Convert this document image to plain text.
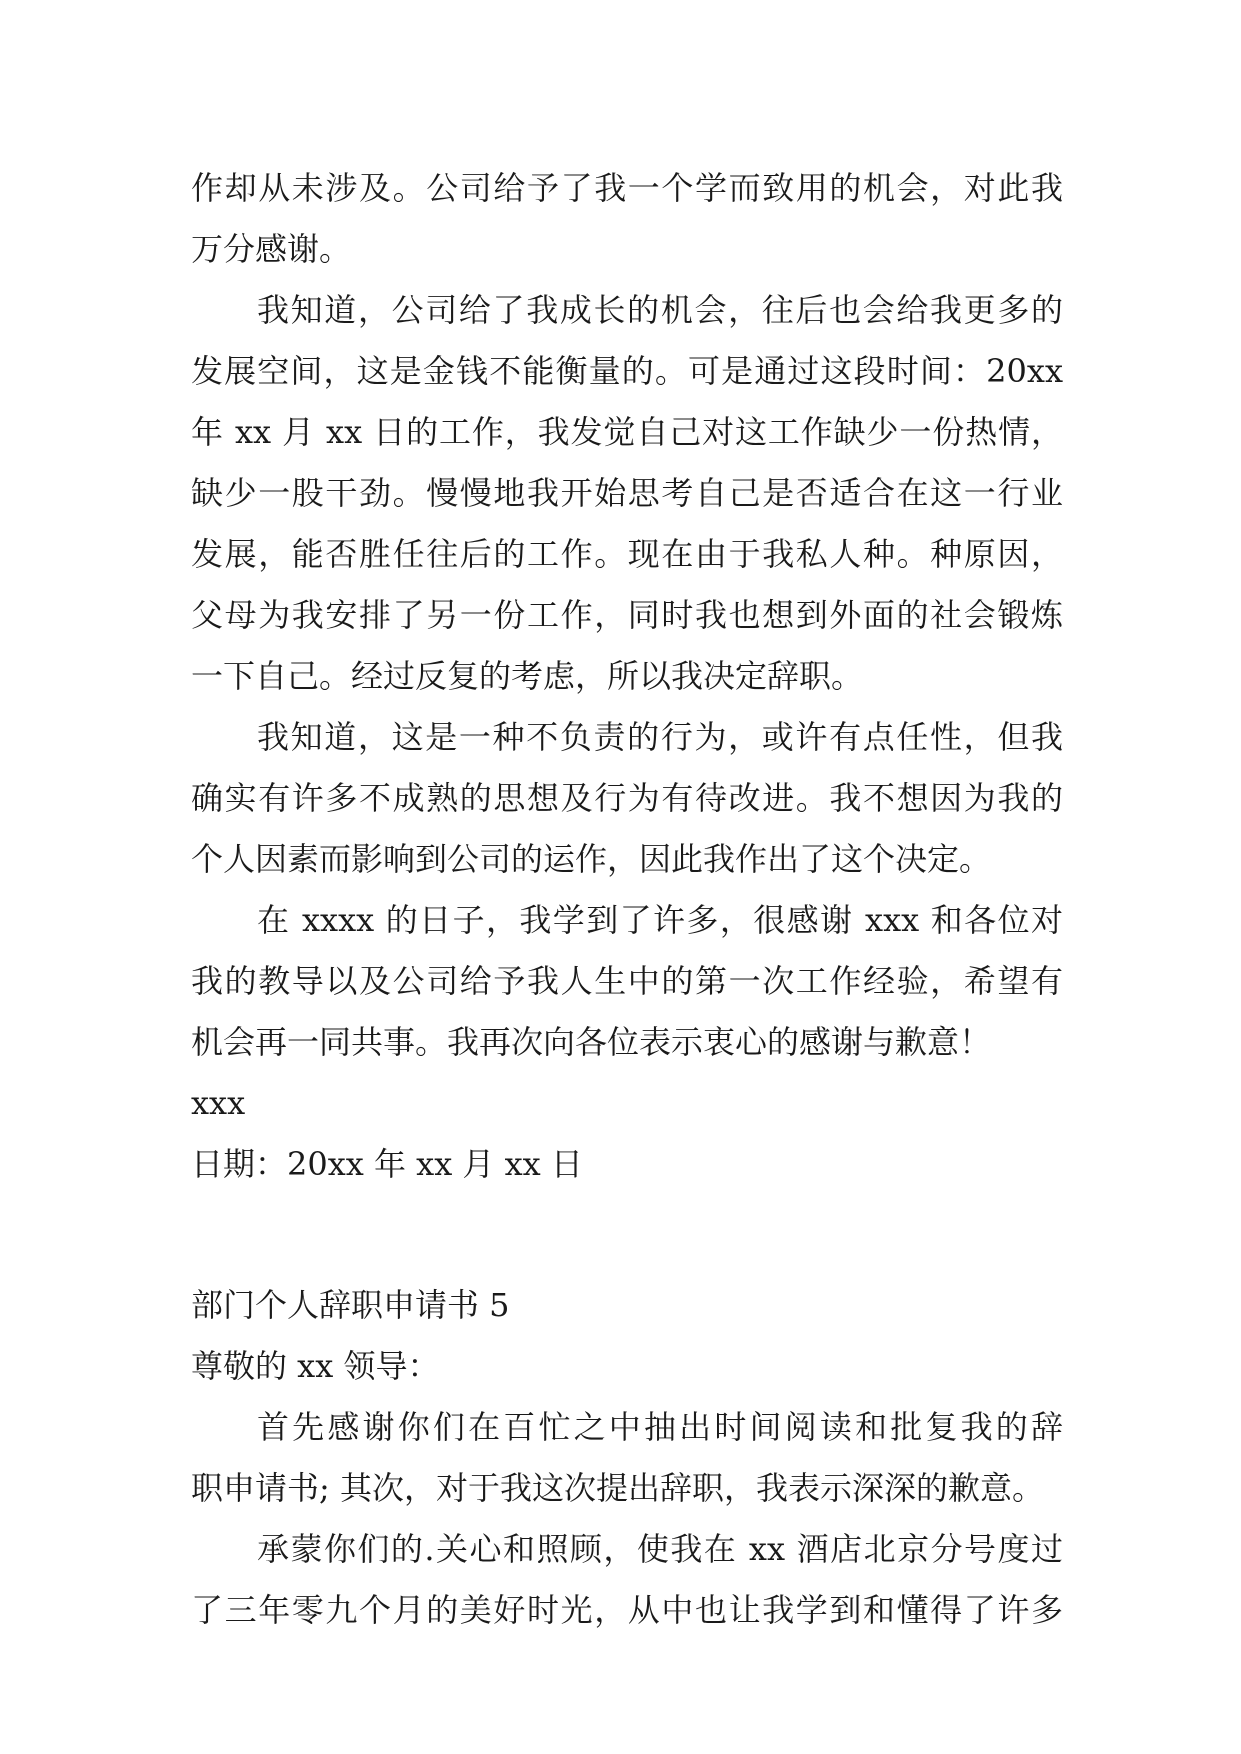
作却从未涉及。公司给予了我一个学而致用的机会，对此我
万分感谢。
我知道，公司给了我成长的机会，往后也会给我更多的
发展空间，这是金钱不能衡量的。可是通过这段时间：20xx
年 xx 月 xx 日的工作，我发觉自己对这工作缺少一份热情，
缺少一股干劲。慢慢地我开始思考自己是否适合在这一行业
发展，能否胜任往后的工作。现在由于我私人种。种原因，
父母为我安排了另一份工作，同时我也想到外面的社会锻炼
一下自己。经过反复的考虑，所以我决定辞职。
我知道，这是一种不负责的行为，或许有点任性，但我
确实有许多不成熟的思想及行为有待改进。我不想因为我的
个人因素而影响到公司的运作，因此我作出了这个决定。
在 xxxx 的日子，我学到了许多，很感谢 xxx 和各位对
我的教导以及公司给予我人生中的第一次工作经验，希望有
机会再一同共事。我再次向各位表示衷心的感谢与歉意！
xxx
日期：20xx 年 xx 月 xx 日
部门个人辞职申请书 5
尊敬的 xx 领导：
首先感谢你们在百忙之中抽出时间阅读和批复我的辞
职申请书; 其次，对于我这次提出辞职，我表示深深的歉意。
承蒙你们的.关心和照顾，使我在 xx 酒店北京分号度过
了三年零九个月的美好时光，从中也让我学到和懂得了许多
